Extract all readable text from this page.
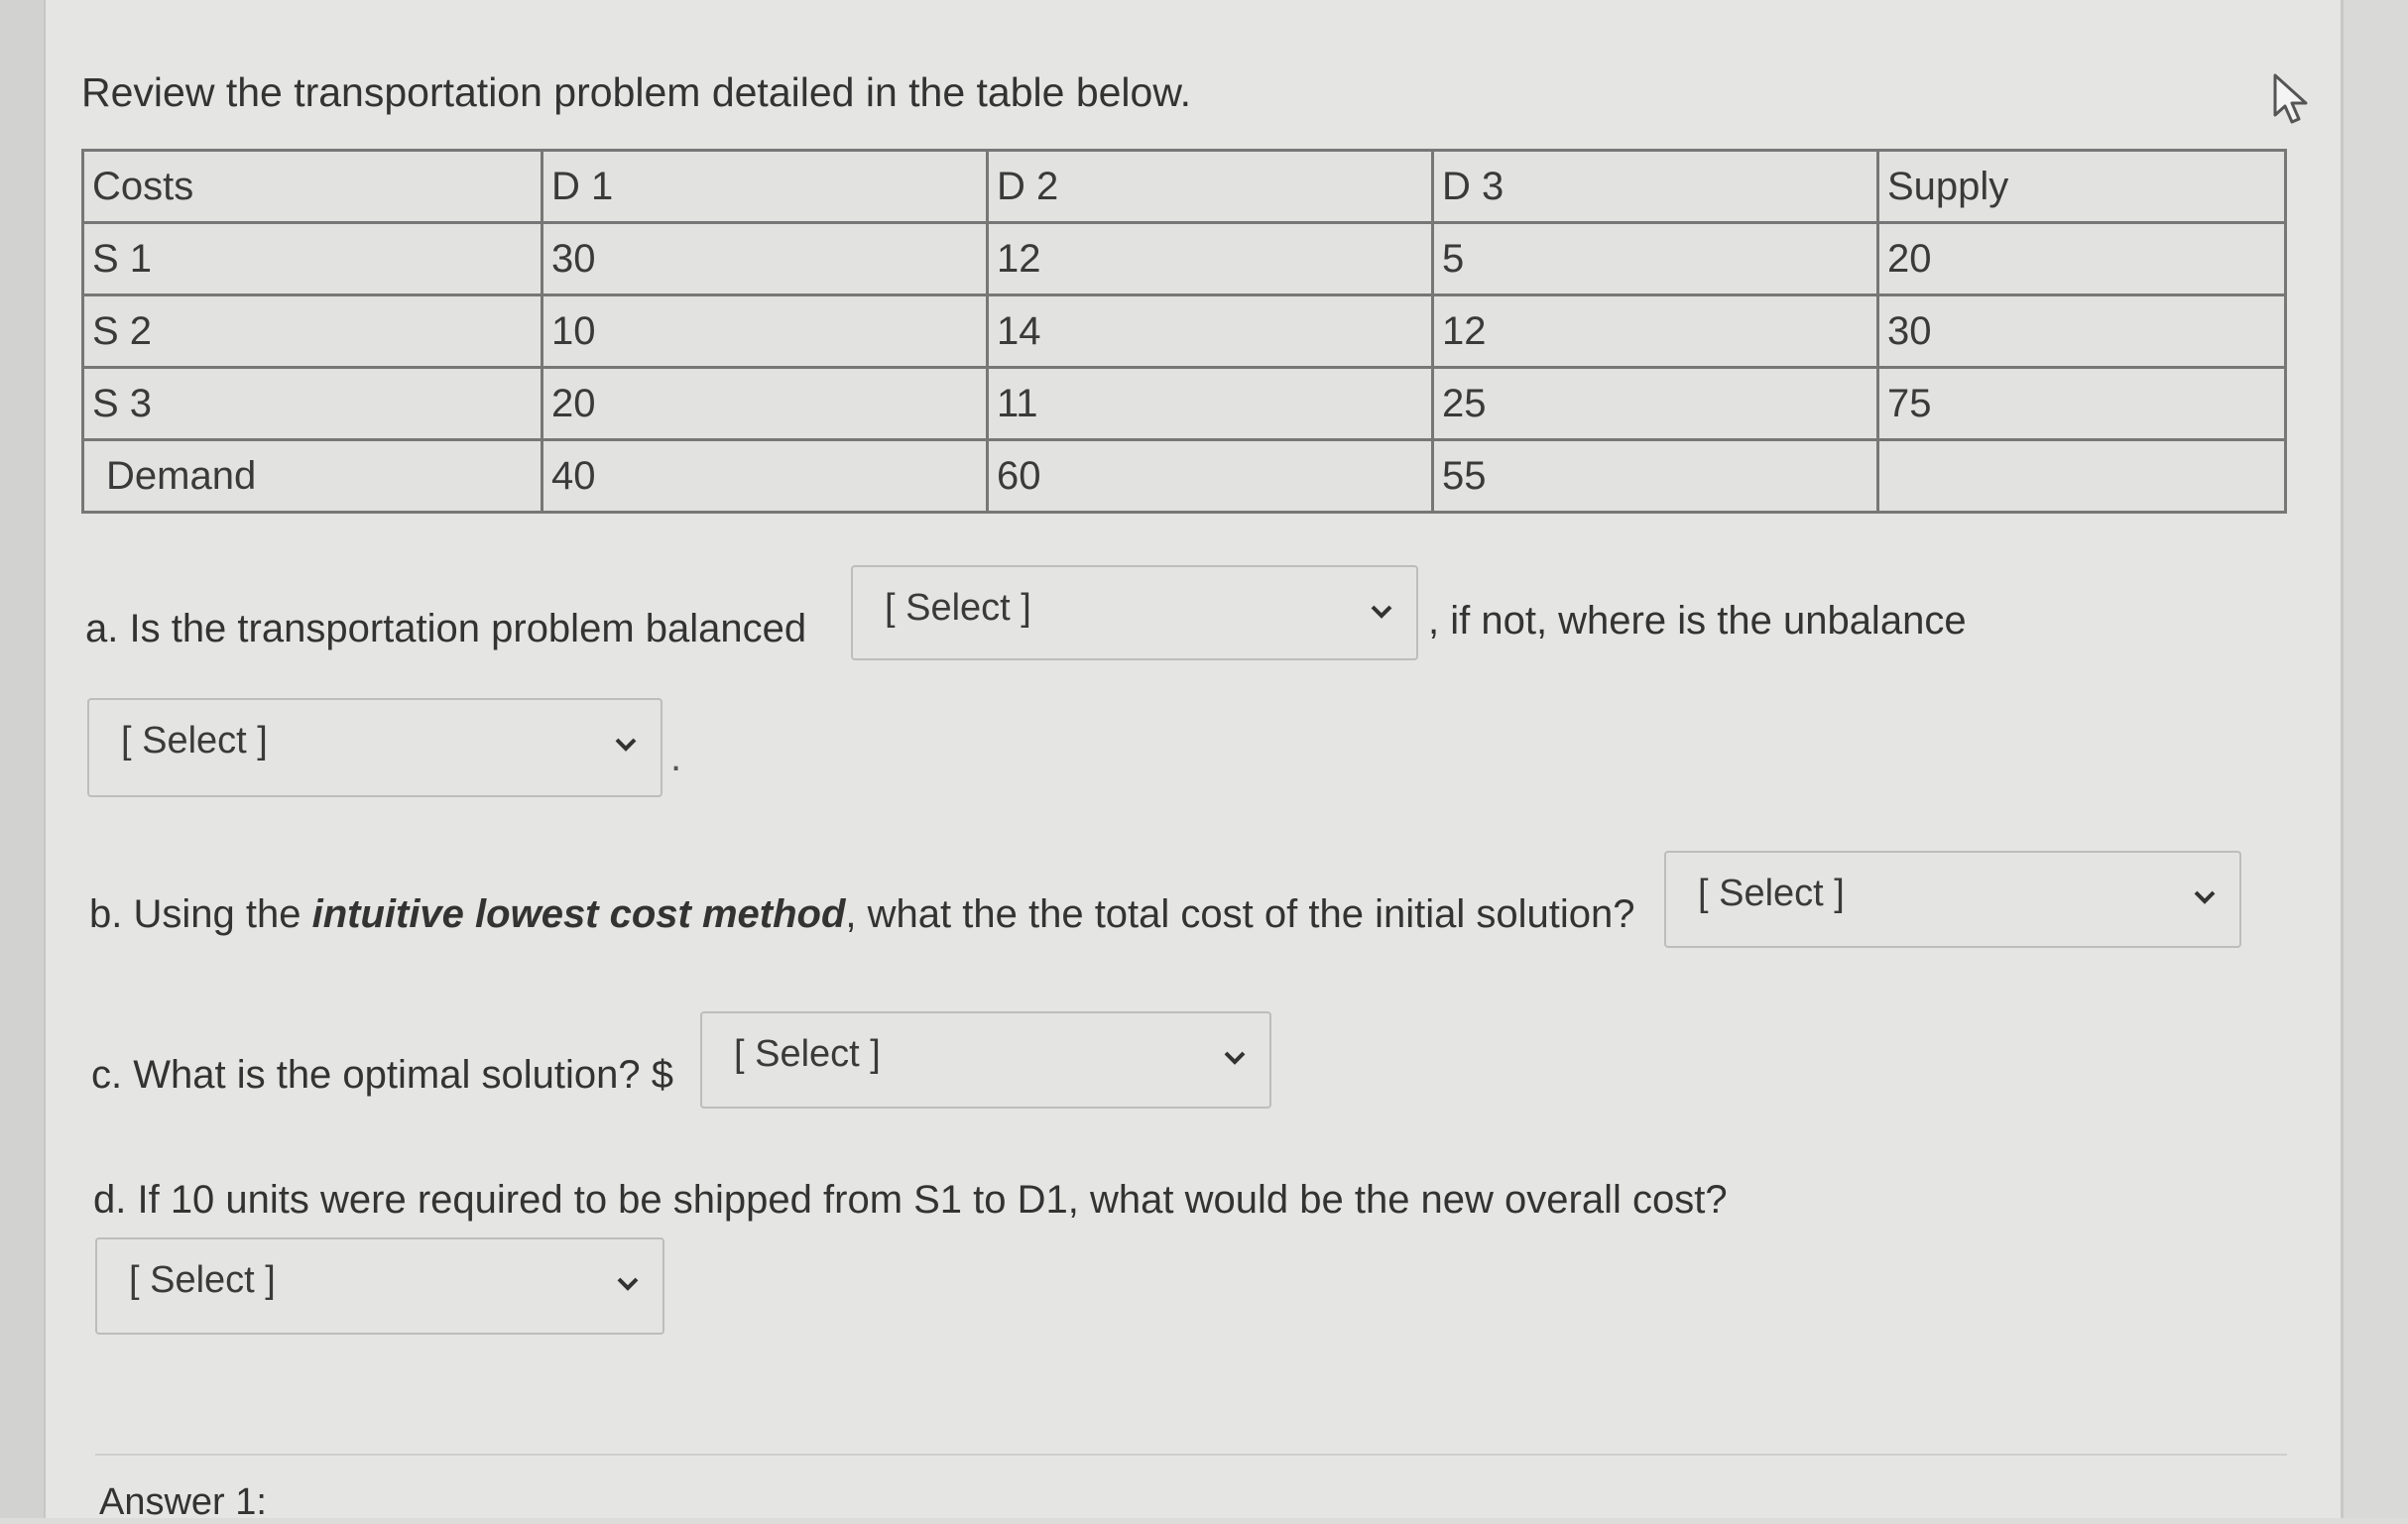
Review the transportation problem detailed in the table below.
Costs	D 1	D 2	D 3	Supply
S 1	30	12	5	20
S 2	10	14	12	30
S 3	20	11	25	75
Demand	40	60	55	
a. Is the transportation problem balanced [ Select ]	, if not, where is the unbalance
[ Select ]	.
b. Using the intuitive lowest cost method, what the the total cost of the initial solution? [ Select ]
c. What is the optimal solution? $ [ Select ]
d. If 10 units were required to be shipped from S1 to D1, what would be the new overall cost?
[ Select ]
Answer 1:
